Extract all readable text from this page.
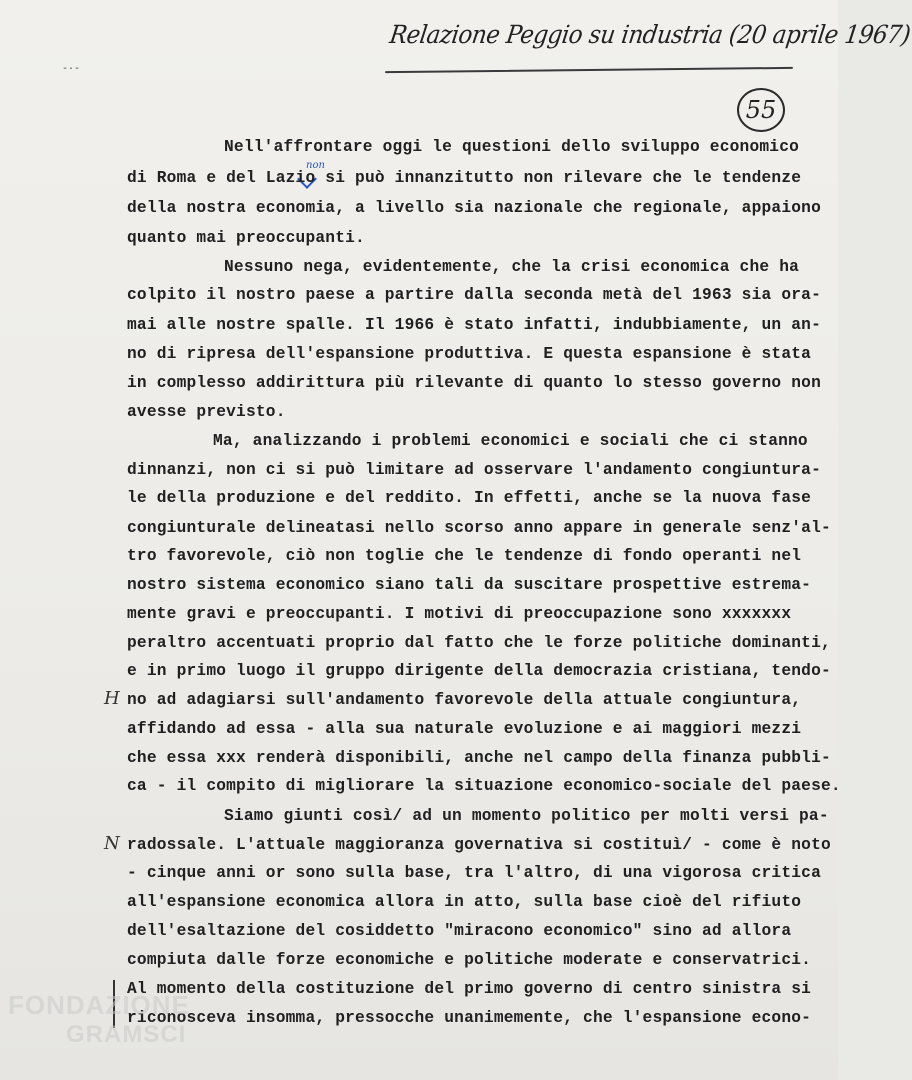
-·-
Relazione Peggio su industria (20 aprile 1967)
55
non
Nell'affrontare oggi le questioni dello sviluppo economico
di Roma e del Lazio si può innanzitutto non rilevare che le tendenze
della nostra economia, a livello sia nazionale che regionale, appaiono
quanto mai preoccupanti.
Nessuno nega, evidentemente, che la crisi economica che ha
colpito il nostro paese a partire dalla seconda metà del 1963 sia ora-
mai alle nostre spalle. Il 1966 è stato infatti, indubbiamente, un an-
no di ripresa dell'espansione produttiva. E questa espansione è stata
in complesso addirittura più rilevante di quanto lo stesso governo non
avesse previsto.
Ma, analizzando i problemi economici e sociali che ci stanno
dinnanzi, non ci si può limitare ad osservare l'andamento congiuntura-
le della produzione e del reddito. In effetti, anche se la nuova fase
congiunturale delineatasi nello scorso anno appare in generale senz'al-
tro favorevole, ciò non toglie che le tendenze di fondo operanti nel
nostro sistema economico siano tali da suscitare prospettive estrema-
mente gravi e preoccupanti. I motivi di preoccupazione sono xxxxxxx
peraltro accentuati proprio dal fatto che le forze politiche dominanti,
e in primo luogo il gruppo dirigente della democrazia cristiana, tendo-
no ad adagiarsi sull'andamento favorevole della attuale congiuntura,
affidando ad essa - alla sua naturale evoluzione e ai maggiori mezzi
che essa xxx renderà disponibili, anche nel campo della finanza pubbli-
ca - il compito di migliorare la situazione economico-sociale del paese.
Siamo giunti così/ ad un momento politico per molti versi pa-
radossale. L'attuale maggioranza governativa si costituì/ - come è noto
- cinque anni or sono sulla base, tra l'altro, di una vigorosa critica
all'espansione economica allora in atto, sulla base cioè del rifiuto
dell'esaltazione del cosiddetto "miracono economico" sino ad allora
compiuta dalle forze economiche e politiche moderate e conservatrici.
Al momento della costituzione del primo governo di centro sinistra si
riconosceva insomma, pressocche unanimemente, che l'espansione econo-
H
N
FONDAZIONE
GRAMSCI
